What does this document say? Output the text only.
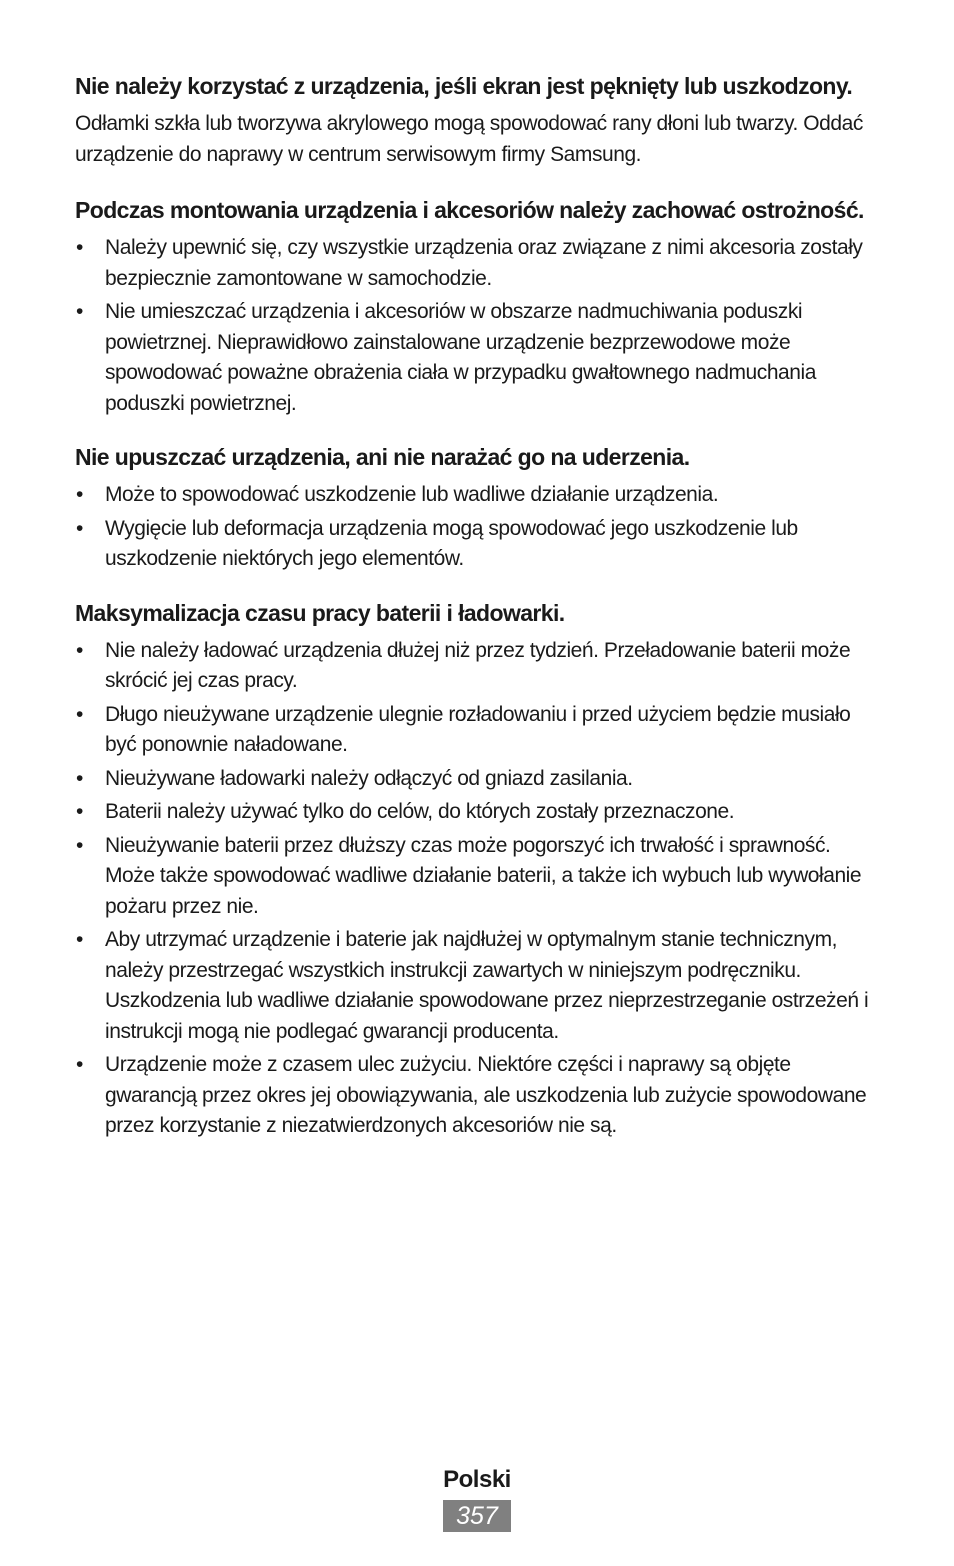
Nie należy korzystać z urządzenia, jeśli ekran jest pęknięty lub uszkodzony.

Odłamki szkła lub tworzywa akrylowego mogą spowodować rany dłoni lub twarzy. Oddać urządzenie do naprawy w centrum serwisowym firmy Samsung.

Podczas montowania urządzenia i akcesoriów należy zachować ostrożność.
• Należy upewnić się, czy wszystkie urządzenia oraz związane z nimi akcesoria zostały bezpiecznie zamontowane w samochodzie.
• Nie umieszczać urządzenia i akcesoriów w obszarze nadmuchiwania poduszki powietrznej. Nieprawidłowo zainstalowane urządzenie bezprzewodowe może spowodować poważne obrażenia ciała w przypadku gwałtownego nadmuchania poduszki powietrznej.
Nie upuszczać urządzenia, ani nie narażać go na uderzenia.
• Może to spowodować uszkodzenie lub wadliwe działanie urządzenia.
• Wygięcie lub deformacja urządzenia mogą spowodować jego uszkodzenie lub uszkodzenie niektórych jego elementów.
Maksymalizacja czasu pracy baterii i ładowarki.
• Nie należy ładować urządzenia dłużej niż przez tydzień. Przeładowanie baterii może skrócić jej czas pracy.
• Długo nieużywane urządzenie ulegnie rozładowaniu i przed użyciem będzie musiało być ponownie naładowane.
• Nieużywane ładowarki należy odłączyć od gniazd zasilania.
• Baterii należy używać tylko do celów, do których zostały przeznaczone.
• Nieużywanie baterii przez dłuższy czas może pogorszyć ich trwałość i sprawność. Może także spowodować wadliwe działanie baterii, a także ich wybuch lub wywołanie pożaru przez nie.
• Aby utrzymać urządzenie i baterie jak najdłużej w optymalnym stanie technicznym, należy przestrzegać wszystkich instrukcji zawartych w niniejszym podręczniku. Uszkodzenia lub wadliwe działanie spowodowane przez nieprzestrzeganie ostrzeżeń i instrukcji mogą nie podlegać gwarancji producenta.
• Urządzenie może z czasem ulec zużyciu. Niektóre części i naprawy są objęte gwarancją przez okres jej obowiązywania, ale uszkodzenia lub zużycie spowodowane przez korzystanie z niezatwierdzonych akcesoriów nie są.
Polski
357
